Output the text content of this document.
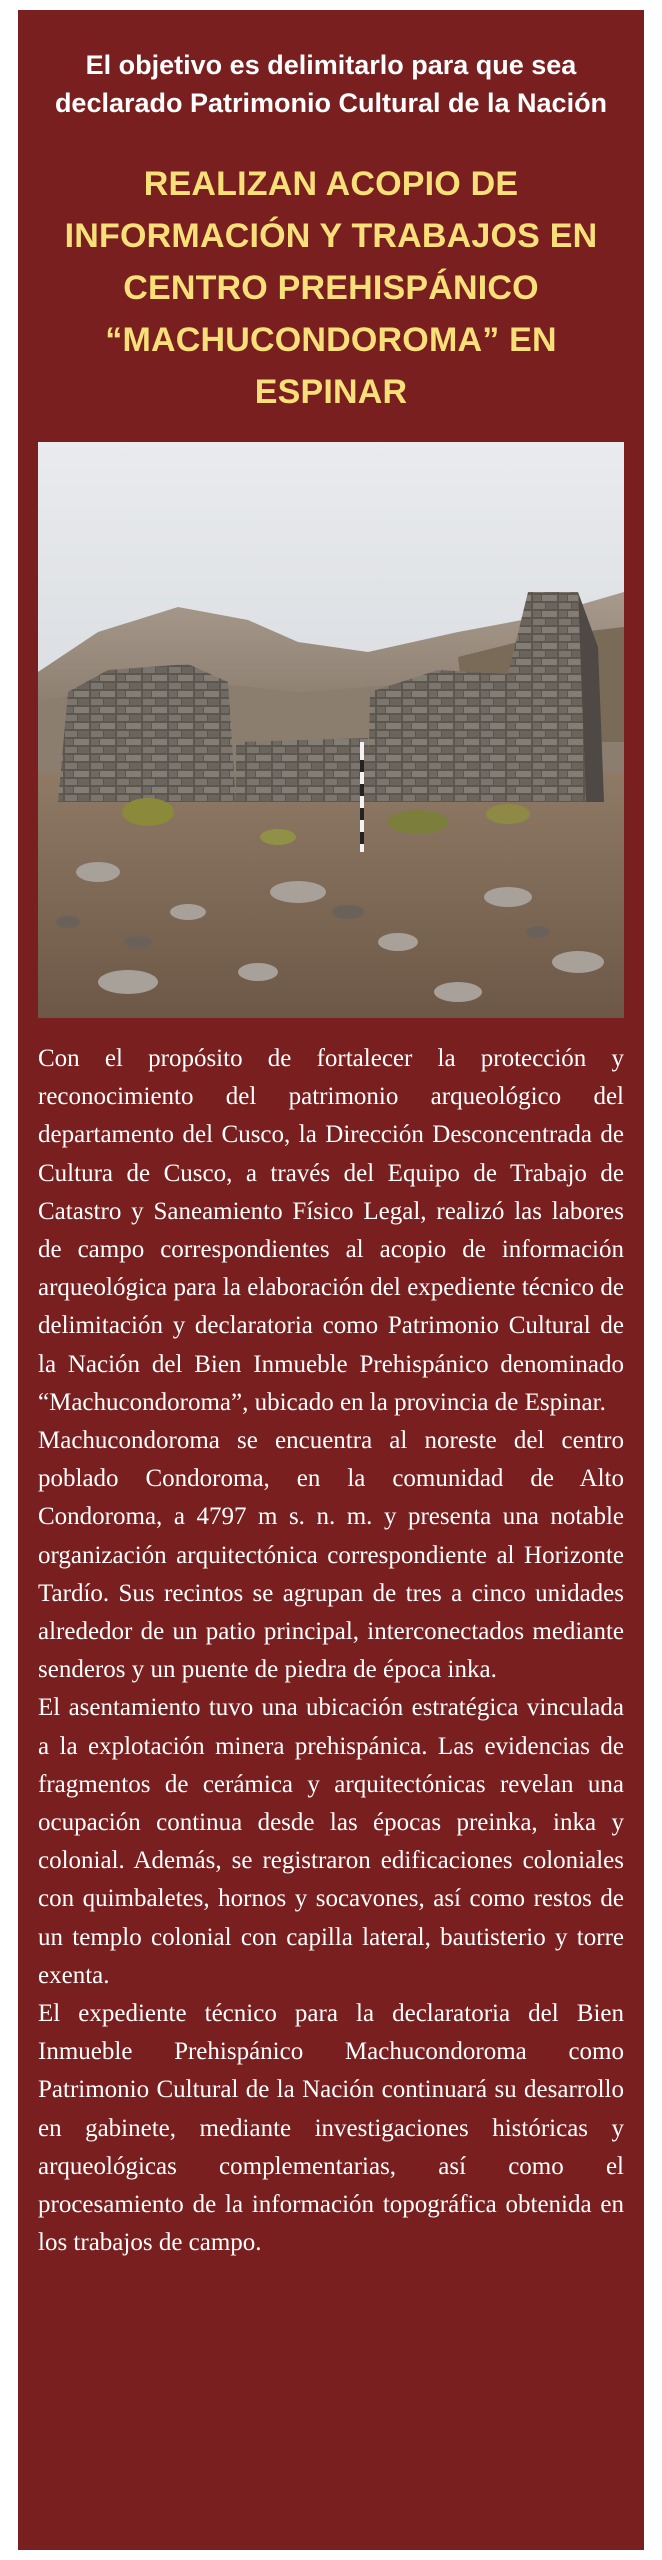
El objetivo es delimitarlo para que sea declarado Patrimonio Cultural de la Nación
REALIZAN ACOPIO DE INFORMACIÓN Y TRABAJOS EN CENTRO PREHISPÁNICO “MACHUCONDOROMA” EN ESPINAR

Con el propósito de fortalecer la protección y reconocimiento del patrimonio arqueológico del departamento del Cusco, la Dirección Desconcentrada de Cultura de Cusco, a través del Equipo de Trabajo de Catastro y Saneamiento Físico Legal, realizó las labores de campo correspondientes al acopio de información arqueológica para la elaboración del expediente técnico de delimitación y declaratoria como Patrimonio Cultural de la Nación del Bien Inmueble Prehispánico denominado “Machucondoroma”, ubicado en la provincia de Espinar.

Machucondoroma se encuentra al noreste del centro poblado Condoroma, en la comunidad de Alto Condoroma, a 4797 m s. n. m. y presenta una notable organización arquitectónica correspondiente al Horizonte Tardío. Sus recintos se agrupan de tres a cinco unidades alrededor de un patio principal, interconectados mediante senderos y un puente de piedra de época inka.

El asentamiento tuvo una ubicación estratégica vinculada a la explotación minera prehispánica. Las evidencias de fragmentos de cerámica y arquitectónicas revelan una ocupación continua desde las épocas preinka, inka y colonial. Además, se registraron edificaciones coloniales con quimbaletes, hornos y socavones, así como restos de un templo colonial con capilla lateral, bautisterio y torre exenta.

El expediente técnico para la declaratoria del Bien Inmueble Prehispánico Machucondoroma como Patrimonio Cultural de la Nación continuará su desarrollo en gabinete, mediante investigaciones históricas y arqueológicas complementarias, así como el procesamiento de la información topográfica obtenida en los trabajos de campo.
